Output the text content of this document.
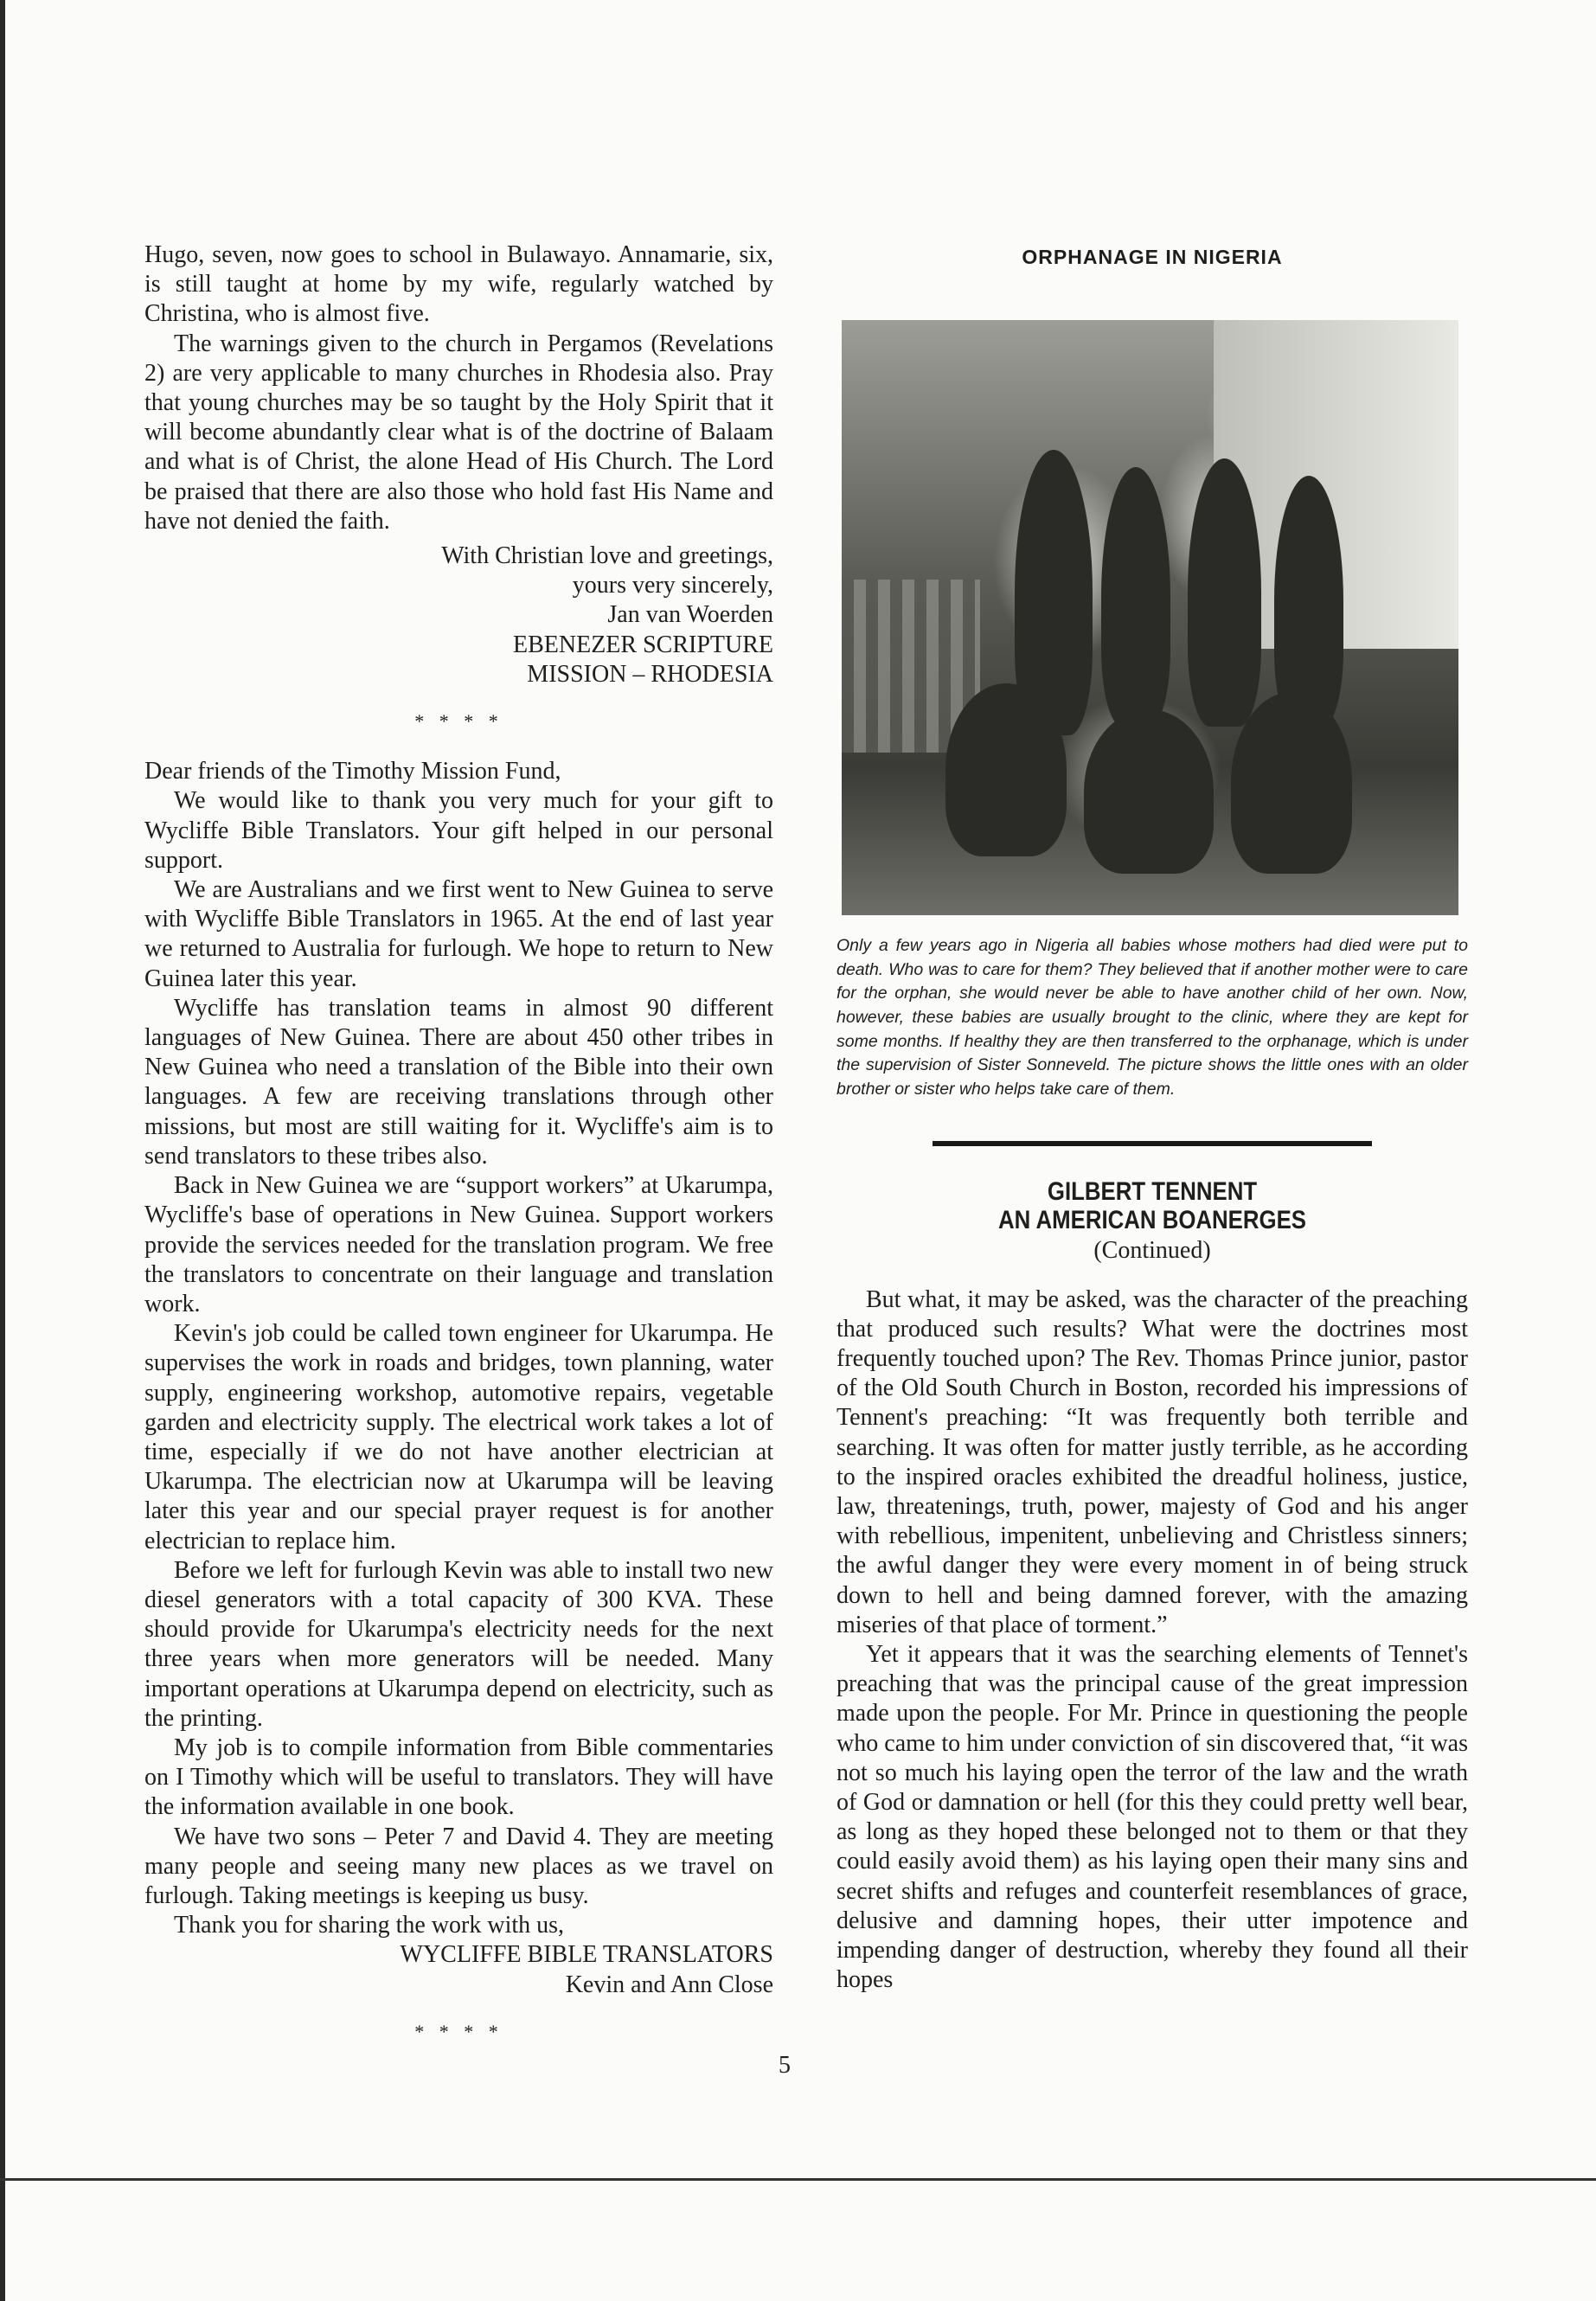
Hugo, seven, now goes to school in Bulawayo. Annamarie, six, is still taught at home by my wife, regularly watched by Christina, who is almost five.

The warnings given to the church in Pergamos (Revelations 2) are very applicable to many churches in Rhodesia also. Pray that young churches may be so taught by the Holy Spirit that it will become abundantly clear what is of the doctrine of Balaam and what is of Christ, the alone Head of His Church. The Lord be praised that there are also those who hold fast His Name and have not denied the faith.

With Christian love and greetings,

yours very sincerely,

Jan van Woerden

EBENEZER SCRIPTURE

MISSION – RHODESIA

* * * *

Dear friends of the Timothy Mission Fund,

We would like to thank you very much for your gift to Wycliffe Bible Translators. Your gift helped in our personal support.

We are Australians and we first went to New Guinea to serve with Wycliffe Bible Translators in 1965. At the end of last year we returned to Australia for furlough. We hope to return to New Guinea later this year.

Wycliffe has translation teams in almost 90 different languages of New Guinea. There are about 450 other tribes in New Guinea who need a translation of the Bible into their own languages. A few are receiving translations through other missions, but most are still waiting for it. Wycliffe's aim is to send translators to these tribes also.

Back in New Guinea we are “support workers” at Ukarumpa, Wycliffe's base of operations in New Guinea. Support workers provide the services needed for the translation program. We free the translators to concentrate on their language and translation work.

Kevin's job could be called town engineer for Ukarumpa. He supervises the work in roads and bridges, town planning, water supply, engineering workshop, automotive repairs, vegetable garden and electricity supply. The electrical work takes a lot of time, especially if we do not have another electrician at Ukarumpa. The electrician now at Ukarumpa will be leaving later this year and our special prayer request is for another electrician to replace him.

Before we left for furlough Kevin was able to install two new diesel generators with a total capacity of 300 KVA. These should provide for Ukarumpa's electricity needs for the next three years when more generators will be needed. Many important operations at Ukarumpa depend on electricity, such as the printing.

My job is to compile information from Bible commentaries on I Timothy which will be useful to translators. They will have the information available in one book.

We have two sons – Peter 7 and David 4. They are meeting many people and seeing many new places as we travel on furlough. Taking meetings is keeping us busy.

Thank you for sharing the work with us,

WYCLIFFE BIBLE TRANSLATORS

Kevin and Ann Close

* * * *

ORPHANAGE IN NIGERIA

Only a few years ago in Nigeria all babies whose mothers had died were put to death. Who was to care for them? They believed that if another mother were to care for the orphan, she would never be able to have another child of her own. Now, however, these babies are usually brought to the clinic, where they are kept for some months. If healthy they are then transferred to the orphanage, which is under the supervision of Sister Sonneveld. The picture shows the little ones with an older brother or sister who helps take care of them.

GILBERT TENNENT

AN AMERICAN BOANERGES

(Continued)

But what, it may be asked, was the character of the preaching that produced such results? What were the doctrines most frequently touched upon? The Rev. Thomas Prince junior, pastor of the Old South Church in Boston, recorded his impressions of Tennent's preaching: “It was frequently both terrible and searching. It was often for matter justly terrible, as he according to the inspired oracles exhibited the dreadful holiness, justice, law, threatenings, truth, power, majesty of God and his anger with rebellious, impenitent, unbelieving and Christless sinners; the awful danger they were every moment in of being struck down to hell and being damned forever, with the amazing miseries of that place of torment.”

Yet it appears that it was the searching elements of Tennet's preaching that was the principal cause of the great impression made upon the people. For Mr. Prince in questioning the people who came to him under conviction of sin discovered that, “it was not so much his laying open the terror of the law and the wrath of God or damnation or hell (for this they could pretty well bear, as long as they hoped these belonged not to them or that they could easily avoid them) as his laying open their many sins and secret shifts and refuges and counterfeit resemblances of grace, delusive and damning hopes, their utter impotence and impending danger of destruction, whereby they found all their hopes

5
